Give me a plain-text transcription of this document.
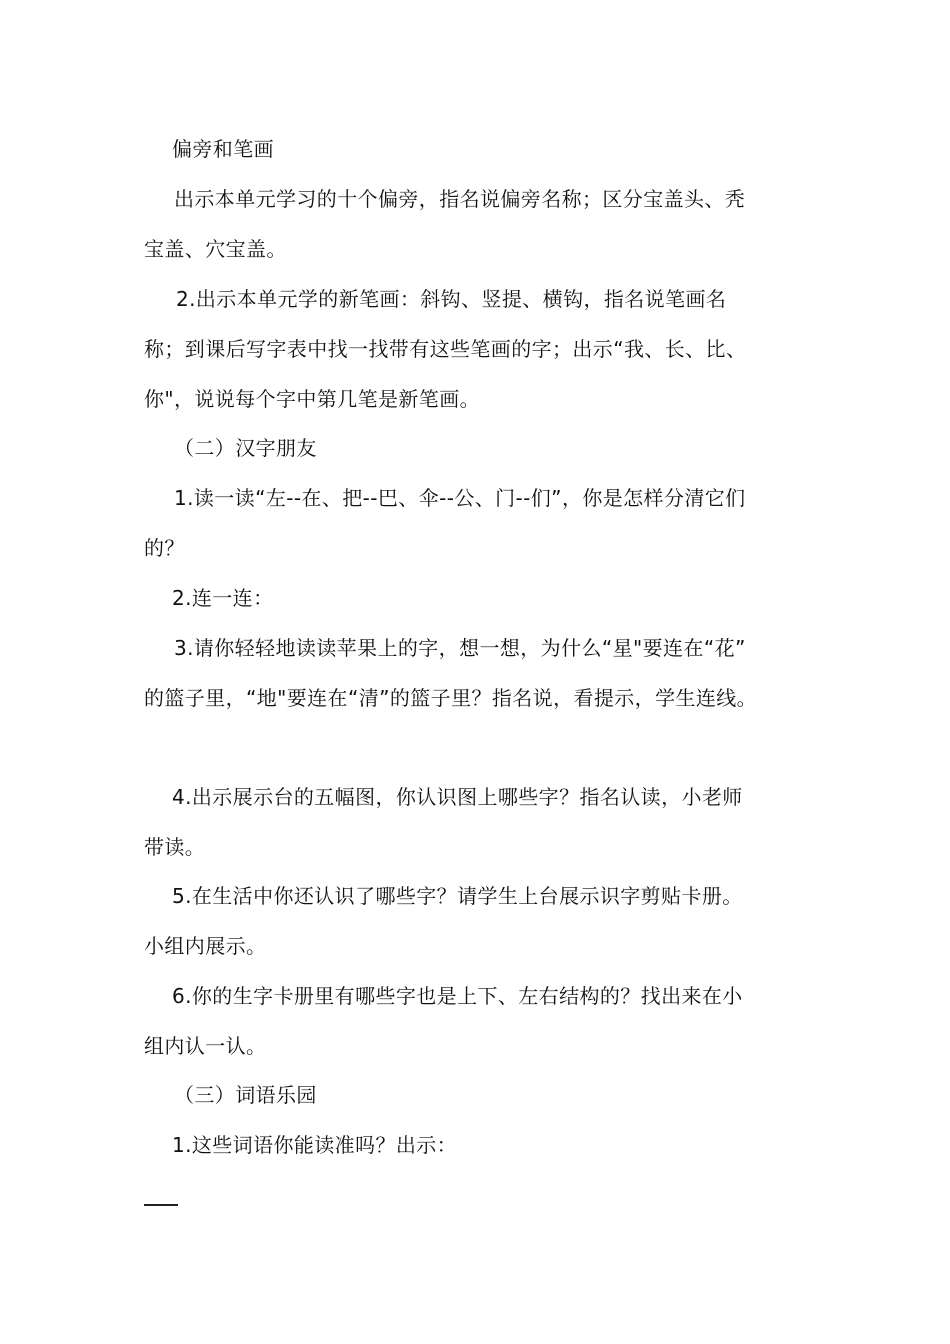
偏旁和笔画
出示本单元学习的十个偏旁，指名说偏旁名称；区分宝盖头、秃
宝盖、穴宝盖。
2.出示本单元学的新笔画：斜钩、竖提、横钩，指名说笔画名
称；到课后写字表中找一找带有这些笔画的字；出示“我、长、比、
你"，说说每个字中第几笔是新笔画。
（二）汉字朋友
1.读一读“左--在、把--巴、伞--公、门--们”，你是怎样分清它们
的？
2.连一连：
3.请你轻轻地读读苹果上的字，想一想，为什么“星"要连在“花”
的篮子里，“地"要连在“清”的篮子里？指名说，看提示，学生连线。
4.出示展示台的五幅图，你认识图上哪些字？指名认读，小老师
带读。
5.在生活中你还认识了哪些字？请学生上台展示识字剪贴卡册。
小组内展示。
6.你的生字卡册里有哪些字也是上下、左右结构的？找出来在小
组内认一认。
（三）词语乐园
1.这些词语你能读准吗？出示：
